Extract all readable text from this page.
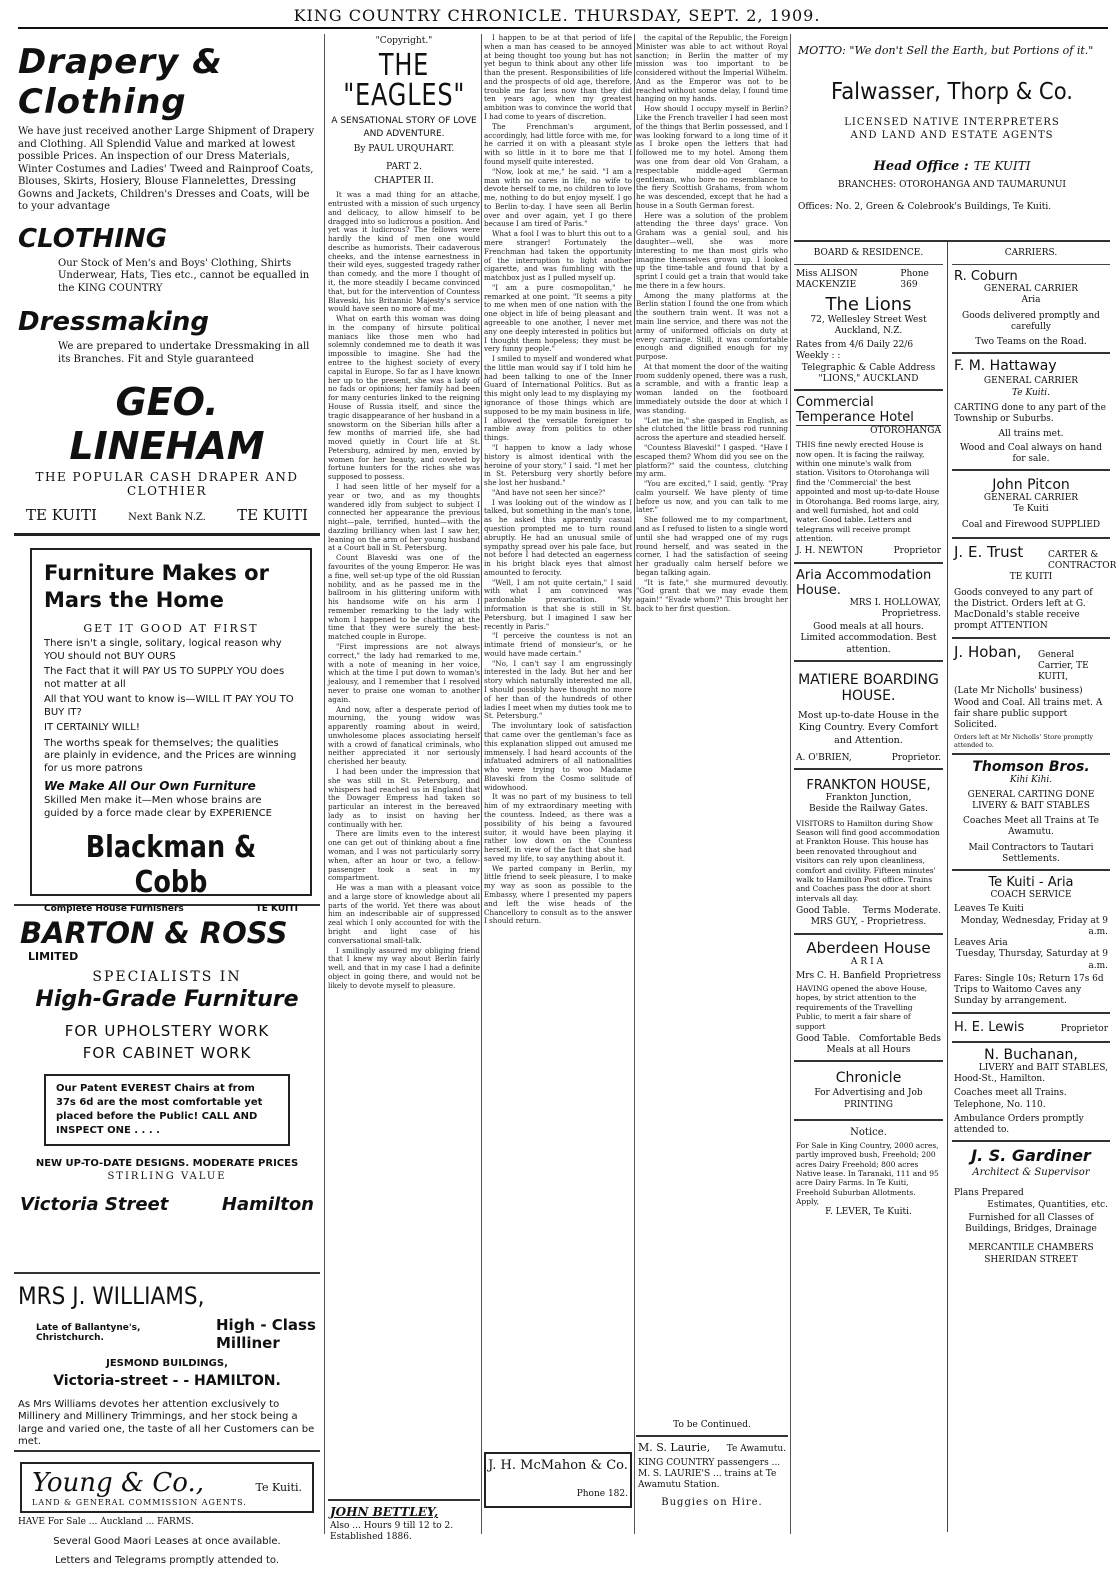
KING COUNTRY CHRONICLE. THURSDAY, SEPT. 2, 1909.
Drapery & Clothing
We have just received another Large Shipment of Drapery and Clothing. All Splendid Value and marked at lowest possible Prices. An inspection of our Dress Materials, Winter Costumes and Ladies' Tweed and Rainproof Coats, Blouses, Skirts, Hosiery, Blouse Flannelettes, Dressing Gowns and Jackets, Children's Dresses and Coats, will be to your advantage
CLOTHING
Our Stock of Men's and Boys' Clothing, Shirts Underwear, Hats, Ties etc., cannot be equalled in the KING COUNTRY
Dressmaking
We are prepared to undertake Dressmaking in all its Branches. Fit and Style guaranteed
GEO. LINEHAM
THE POPULAR CASH DRAPER AND CLOTHIER
TE KUITI	Next Bank N.Z. TE KUITI
Furniture Makes or Mars the Home
GET IT GOOD AT FIRST
There isn't a single, solitary, logical reason why YOU should not BUY OURS
The Fact that it will PAY US TO SUPPLY YOU does not matter at all
All that YOU want to know is—WILL IT PAY YOU TO BUY IT?
IT CERTAINLY WILL!
The worths speak for themselves; the qualities are plainly in evidence, and the Prices are winning for us more patrons
We Make All Our Own Furniture
Skilled Men make it—Men whose brains are guided by a force made clear by EXPERIENCE
Blackman & Cobb
Complete House Furnishers	TE KUITI
BARTON & ROSS
LIMITED
SPECIALISTS IN
High-Grade Furniture
FOR UPHOLSTERY WORK
FOR CABINET WORK
Our Patent EVEREST Chairs at from 37s 6d are the most comfortable yet placed before the Public! CALL AND INSPECT ONE . . . .
NEW UP-TO-DATE DESIGNS. MODERATE PRICES
STIRLING VALUE
Victoria Street	Hamilton
MRS J. WILLIAMS,
Late of Ballantyne's, Christchurch.
High - Class Milliner
JESMOND BUILDINGS,
Victoria-street - - HAMILTON.
As Mrs Williams devotes her attention exclusively to Millinery and Millinery Trimmings, and her stock being a large and varied one, the taste of all her Customers can be met.
Young & Co.,	Te Kuiti.
LAND & GENERAL COMMISSION AGENTS.
HAVE For Sale ... Auckland ... FARMS.
Several Good Maori Leases at once available.
Letters and Telegrams promptly attended to.
"Copyright."
THE "EAGLES"
A SENSATIONAL STORY OF LOVE AND ADVENTURE.
By PAUL URQUHART.
PART 2.
CHAPTER II.

It was a mad thing for an attache, entrusted with a mission of such urgency and delicacy, to allow himself to be dragged into so ludicrous a position. And yet was it ludicrous? The fellows were hardly the kind of men one would describe as humorists. Their cadaverous cheeks, and the intense earnestness in their wild eyes, suggested tragedy rather than comedy, and the more I thought of it, the more steadily I became convinced that, but for the intervention of Countess Blaveski, his Britannic Majesty's service would have seen no more of me.

What on earth this woman was doing in the company of hirsute political maniacs like those men who had solemnly condemned me to death it was impossible to imagine. She had the entree to the highest society of every capital in Europe. So far as I have known her up to the present, she was a lady of no fads or opinions; her family had been for many centuries linked to the reigning House of Russia itself, and since the tragic disappearance of her husband in a snowstorm on the Siberian hills after a few months of married life, she had moved quietly in Court life at St. Petersburg, admired by men, envied by women for her beauty, and coveted by fortune hunters for the riches she was supposed to possess.

I had seen little of her myself for a year or two, and as my thoughts wandered idly from subject to subject I connected her appearance the previous night—pale, terrified, hunted—with the dazzling brilliancy when last I saw her, leaning on the arm of her young husband at a Court ball in St. Petersburg.

Count Blaveski was one of the favourites of the young Emperor. He was a fine, well set-up type of the old Russian nobility, and as he passed me in the ballroom in his glittering uniform with his handsome wife on his arm I remember remarking to the lady with whom I happened to be chatting at the time that they were surely the best-matched couple in Europe.

"First impressions are not always correct," the lady had remarked to me, with a note of meaning in her voice, which at the time I put down to woman's jealousy, and I remember that I resolved never to praise one woman to another again.

And now, after a desperate period of mourning, the young widow was apparently roaming about in weird, unwholesome places associating herself with a crowd of fanatical criminals, who neither appreciated it nor seriously cherished her beauty.

I had been under the impression that she was still in St. Petersburg, and whispers had reached us in England that the Dowager Empress had taken so particular an interest in the bereaved lady as to insist on having her continually with her.

There are limits even to the interest one can get out of thinking about a fine woman, and I was not particularly sorry when, after an hour or two, a fellow-passenger took a seat in my compartment.

He was a man with a pleasant voice and a large store of knowledge about all parts of the world. Yet there was about him an indescribable air of suppressed zeal which I only accounted for with the bright and light case of his conversational small-talk.

I smilingly assured my obliging friend that I knew my way about Berlin fairly well, and that in my case I had a definite object in going there, and would not be likely to devote myself to pleasure.

JOHN BETTLEY,
Also ... Hours 9 till 12 to 2.
Established 1886.

I happen to be at that period of life when a man has ceased to be annoyed at being thought too young but has not yet begun to think about any other life than the present. Responsibilities of life and the prospects of old age, therefore, trouble me far less now than they did ten years ago, when my greatest ambition was to convince the world that I had come to years of discretion.

The Frenchman's argument, accordingly, had little force with me, for he carried it on with a pleasant style with so little in it to bore me that I found myself quite interested.

"Now, look at me," he said. "I am a man with no cares in life, no wife to devote herself to me, no children to love me, nothing to do but enjoy myself. I go to Berlin to-day. I have seen all Berlin over and over again, yet I go there because I am tired of Paris."

What a fool I was to blurt this out to a mere stranger! Fortunately the Frenchman had taken the opportunity of the interruption to light another cigarette, and was fumbling with the matchbox just as I pulled myself up.

"I am a pure cosmopolitan," he remarked at one point. "It seems a pity to me when men of one nation with the one object in life of being pleasant and agreeable to one another, I never met any one deeply interested in politics but I thought them hopeless; they must be very funny people."

I smiled to myself and wondered what the little man would say if I told him he had been talking to one of the Inner Guard of International Politics. But as this might only lead to my displaying my ignorance of those things which are supposed to be my main business in life, I allowed the versatile foreigner to ramble away from politics to other things.

"I happen to know a lady whose history is almost identical with the heroine of your story," I said. "I met her in St. Petersburg very shortly before she lost her husband."

"And have not seen her since?"

I was looking out of the window as I talked, but something in the man's tone, as he asked this apparently casual question prompted me to turn round abruptly. He had an unusual smile of sympathy spread over his pale face, but not before I had detected an eagerness in his bright black eyes that almost amounted to ferocity.

"Well, I am not quite certain," I said with what I am convinced was pardonable prevarication. "My information is that she is still in St. Petersburg, but I imagined I saw her recently in Paris."

"I perceive the countess is not an intimate friend of monsieur's, or he would have made certain."

"No, I can't say I am engrossingly interested in the lady. But her and her story which naturally interested me all, I should possibly have thought no more of her than of the hundreds of other ladies I meet when my duties took me to St. Petersburg."

The involuntary look of satisfaction that came over the gentleman's face as this explanation slipped out amused me immensely. I had heard accounts of the infatuated admirers of all nationalities who were trying to woo Madame Blaveski from the Cosmo solitude of widowhood.

It was no part of my business to tell him of my extraordinary meeting with the countess. Indeed, as there was a possibility of his being a favoured suitor, it would have been playing it rather low down on the Countess herself, in view of the fact that she had saved my life, to say anything about it.

We parted company in Berlin, my little friend to seek pleasure, I to make my way as soon as possible to the Embassy, where I presented my papers and left the wise heads of the Chancellory to consult as to the answer I should return.

J. H. McMahon & Co.
Phone 182.

the capital of the Republic, the Foreign Minister was able to act without Royal sanction; in Berlin the matter of my mission was too important to be considered without the Imperial Wilhelm. And as the Emperor was not to be reached without some delay, I found time hanging on my hands.

How should I occupy myself in Berlin? Like the French traveller I had seen most of the things that Berlin possessed, and I was looking forward to a long time of it as I broke open the letters that had followed me to my hotel. Among them was one from dear old Von Graham, a respectable middle-aged German gentleman, who bore no resemblance to the fiery Scottish Grahams, from whom he was descended, except that he had a house in a South German forest.

Here was a solution of the problem attending the three days' grace. Von Graham was a genial soul, and his daughter—well, she was more interesting to me than most girls who imagine themselves grown up. I looked up the time-table and found that by a sprint I could get a train that would take me there in a few hours.

Among the many platforms at the Berlin station I found the one from which the southern train went. It was not a main line service, and there was not the army of uniformed officials on duty at every carriage. Still, it was comfortable enough and dignified enough for my purpose.

At that moment the door of the waiting room suddenly opened, there was a rush, a scramble, and with a frantic leap a woman landed on the footboard immediately outside the door at which I was standing.

"Let me in," she gasped in English, as she clutched the little brass rod running across the aperture and steadied herself.

"Countess Blaveski!" I gasped. "Have I escaped them? Whom did you see on the platform?" said the countess, clutching my arm.

"You are excited," I said, gently. "Pray calm yourself. We have plenty of time before us now, and you can talk to me later."

She followed me to my compartment, and as I refused to listen to a single word until she had wrapped one of my rugs round herself, and was seated in the corner, I had the satisfaction of seeing her gradually calm herself before we began talking again.

"It is fate," she murmured devoutly. "God grant that we may evade them again!" "Evade whom?" This brought her back to her first question.

To be Continued.
M. S. Laurie, Te Awamutu.
KING COUNTRY passengers ... M. S. LAURIE'S ... trains at Te Awamutu Station.
Buggies on Hire.
MOTTO: "We don't Sell the Earth, but Portions of it."
Falwasser, Thorp & Co.
LICENSED NATIVE INTERPRETERS
AND LAND AND ESTATE AGENTS
Head Office : TE KUITI
BRANCHES: OTOROHANGA AND TAUMARUNUI
Offices: No. 2, Green & Colebrook's Buildings, Te Kuiti.
BOARD & RESIDENCE.
Miss ALISON MACKENZIE
Phone 369
The Lions
72, Wellesley Street West Auckland, N.Z.
Rates from 4/6 Daily 22/6 Weekly : :
Telegraphic & Cable Address "LIONS," AUCKLAND
Commercial Temperance Hotel
OTOROHANGA
THIS fine newly erected House is now open. It is facing the railway, within one minute's walk from station. Visitors to Otorohanga will find the 'Commercial' the best appointed and most up-to-date House in Otorohanga. Bed rooms large, airy, and well furnished, hot and cold water. Good table. Letters and telegrams will receive prompt attention.
J. H. NEWTON	Proprietor
Aria Accommodation House.
MRS I. HOLLOWAY, Proprietress.
Good meals at all hours. Limited accommodation. Best attention.
MATIERE BOARDING HOUSE.
Most up-to-date House in the King Country. Every Comfort and Attention.
A. O'BRIEN,	Proprietor.
FRANKTON HOUSE,
Frankton Junction,
Beside the Railway Gates.
VISITORS to Hamilton during Show Season will find good accommodation at Frankton House. This house has been renovated throughout and visitors can rely upon cleanliness, comfort and civility. Fifteen minutes' walk to Hamilton Post office. Trains and Coaches pass the door at short intervals all day.
Good Table. Terms Moderate.
MRS GUY, - Proprietress.
Aberdeen House
ARIA
Mrs C. H. Banfield Proprietress
HAVING opened the above House, hopes, by strict attention to the requirements of the Travelling Public, to merit a fair share of support
Good Table. Comfortable Beds
Meals at all Hours
Chronicle
For Advertising and Job PRINTING
Notice.
For Sale in King Country, 2000 acres, partly improved bush, Freehold; 200 acres Dairy Freehold; 800 acres Native lease. In Taranaki, 111 and 95 acre Dairy Farms. In Te Kuiti, Freehold Suburban Allotments. Apply,
F. LEVER, Te Kuiti.
CARRIERS.
R. Coburn
GENERAL CARRIER
Aria
Goods delivered promptly and carefully
Two Teams on the Road.
F. M. Hattaway
GENERAL CARRIER
Te Kuiti.
CARTING done to any part of the Township or Suburbs.
All trains met.
Wood and Coal always on hand for sale.
John Pitcon
GENERAL CARRIER
Te Kuiti
Coal and Firewood SUPPLIED
J. E. Trust	CARTER & CONTRACTOR
TE KUITI
Goods conveyed to any part of the District. Orders left at G. MacDonald's stable receive prompt ATTENTION
J. Hoban, General Carrier, TE KUITI,
(Late Mr Nicholls' business) Wood and Coal. All trains met. A fair share public support Solicited.
Orders left at Mr Nicholls' Store promptly attended to.
Thomson Bros.
Kihi Kihi.
GENERAL CARTING DONE LIVERY & BAIT STABLES
Coaches Meet all Trains at Te Awamutu.
Mail Contractors to Tautari Settlements.
Te Kuiti - Aria
COACH SERVICE
Leaves Te Kuiti
Monday, Wednesday, Friday at 9 a.m.
Leaves Aria
Tuesday, Thursday, Saturday at 9 a.m.
Fares: Single 10s; Return 17s 6d
Trips to Waitomo Caves any Sunday by arrangement.
H. E. Lewis	Proprietor
N. Buchanan,
LIVERY and BAIT STABLES,
Hood-St., Hamilton.
Coaches meet all Trains. Telephone, No. 110.
Ambulance Orders promptly attended to.
J. S. Gardiner
Architect & Supervisor
Plans Prepared
Estimates, Quantities, etc.
Furnished for all Classes of Buildings, Bridges, Drainage
MERCANTILE CHAMBERS
SHERIDAN STREET
